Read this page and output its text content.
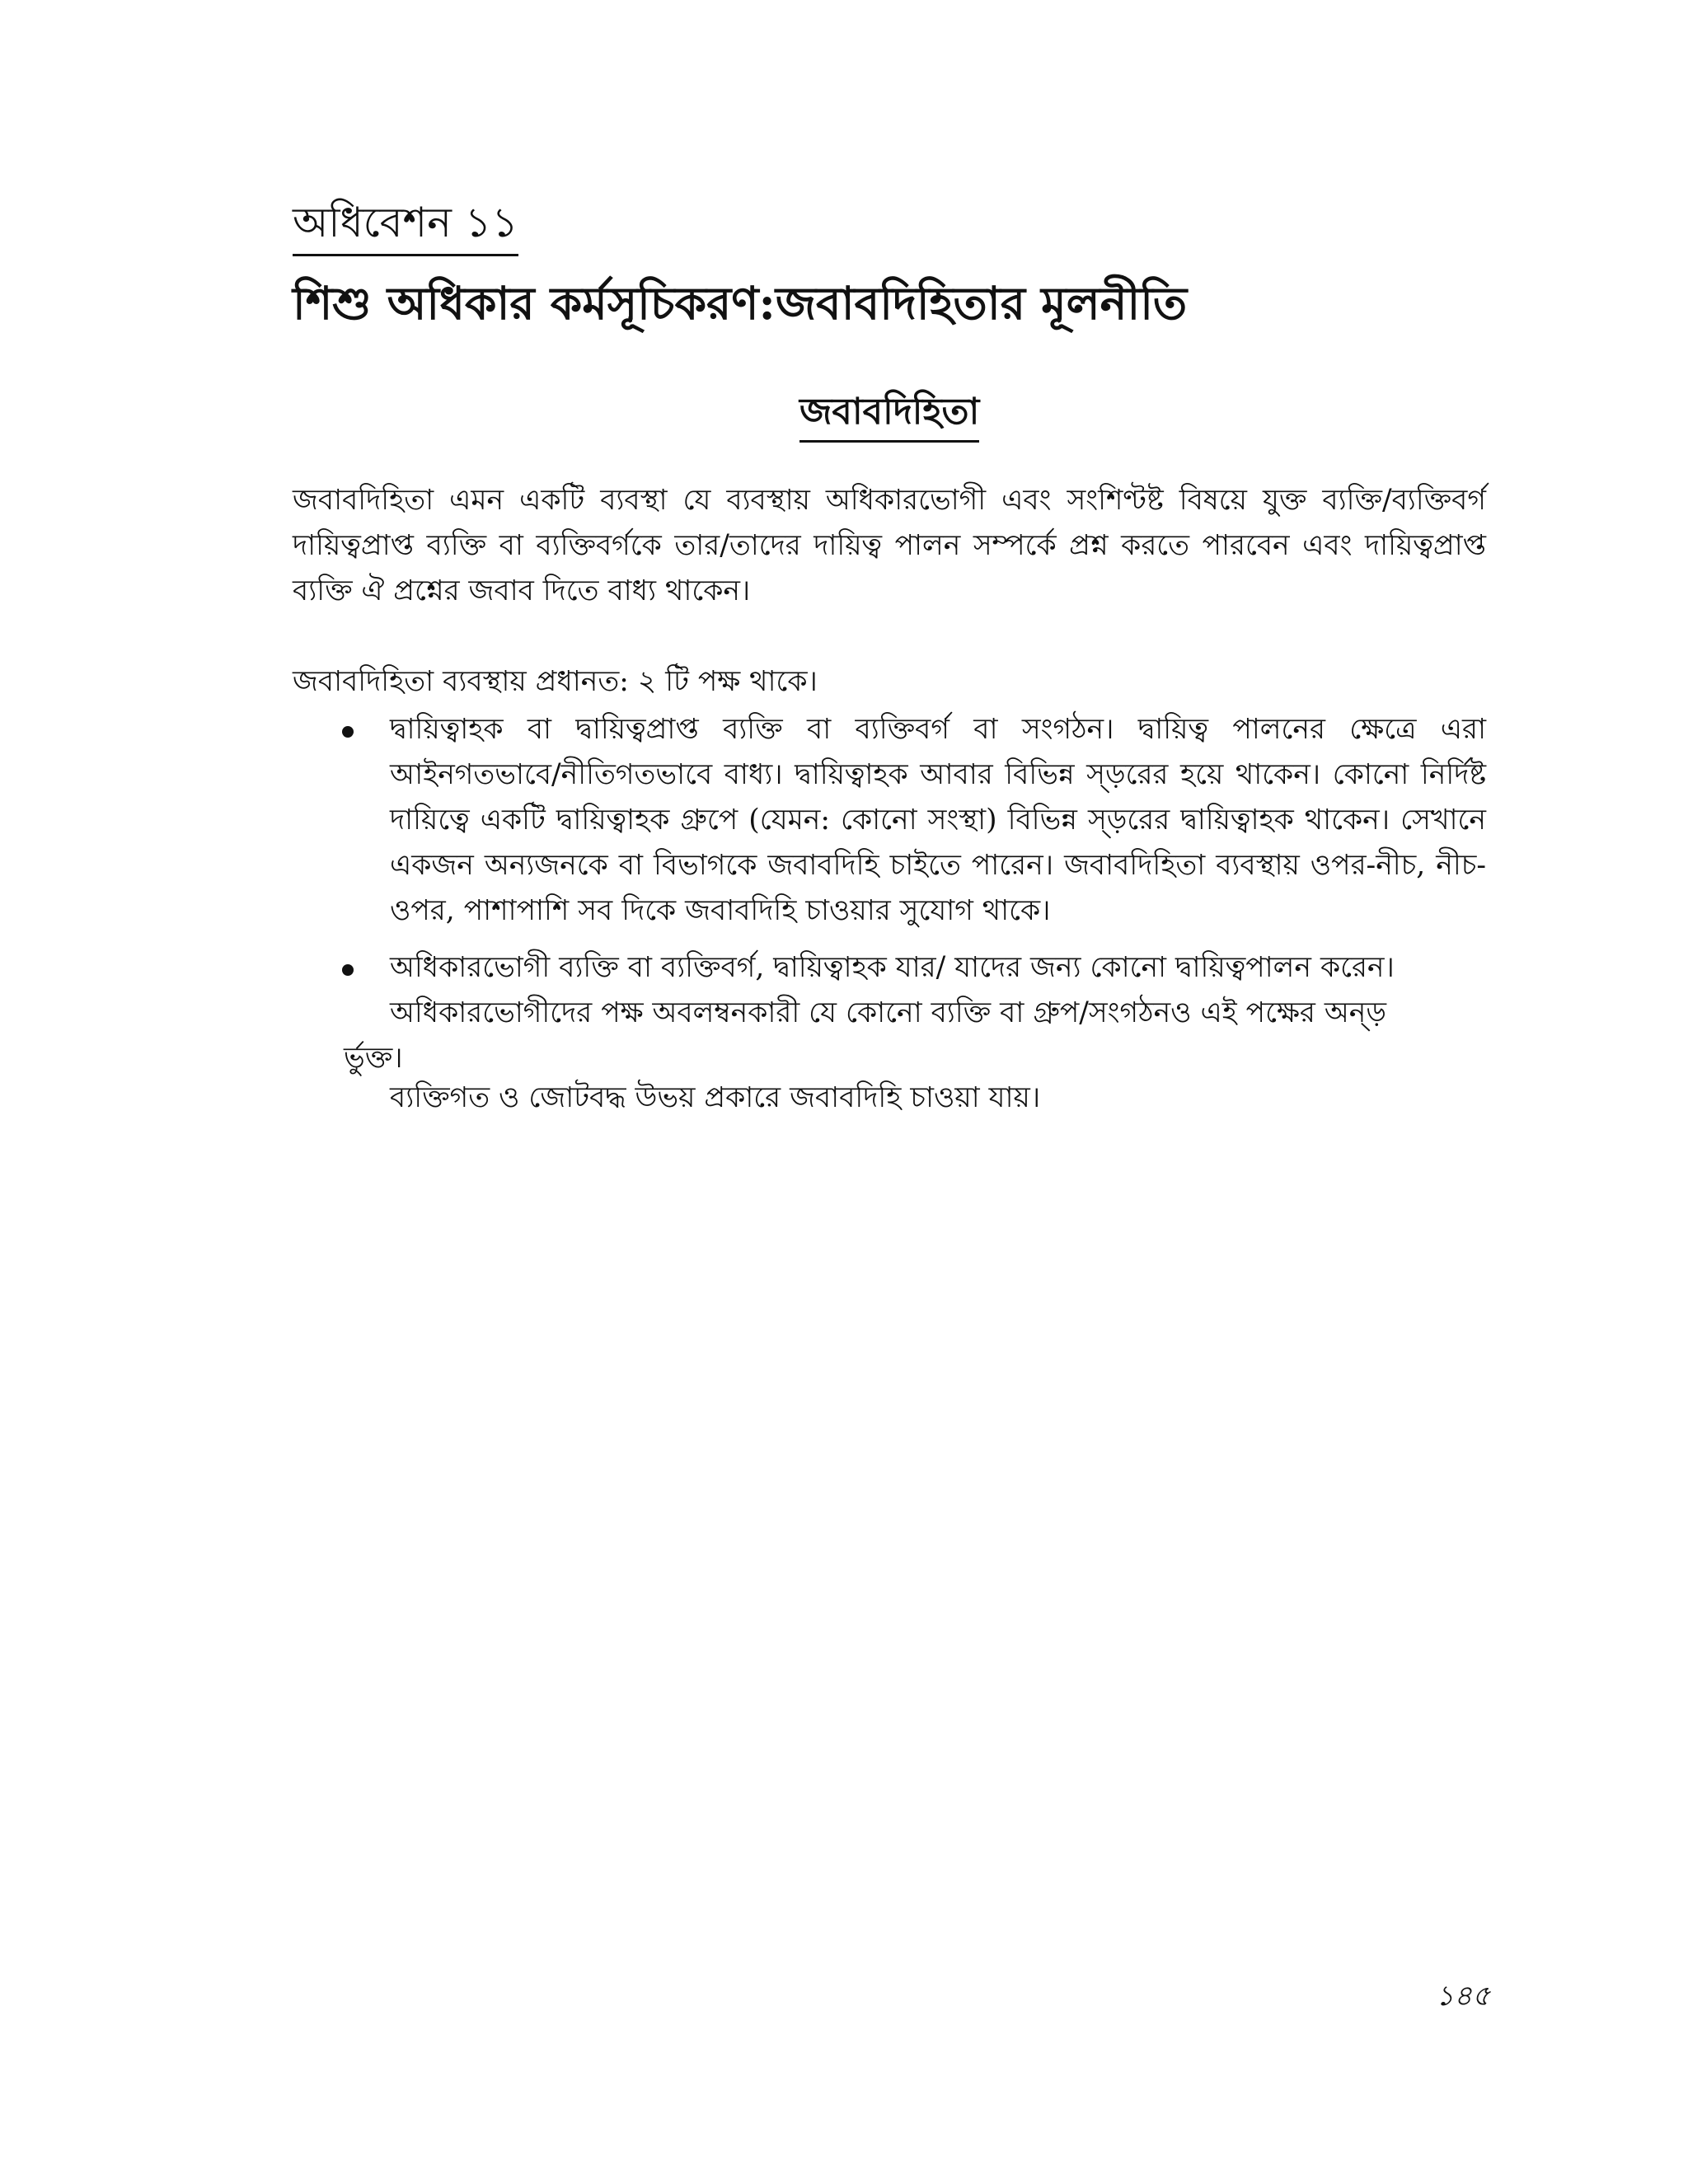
অধিবেশন ১১
শিশু অধিকার কর্মসূচিকরণ:জবাবদিহিতার মূলনীতি
জবাবদিহিতা

জবাবদিহিতা এমন একটি ব্যবস্থা যে ব্যবস্থায় অধিকারভোগী এবং সংশিণ্টষ্ট বিষয়ে যুক্ত ব্যক্তি/ব্যক্তিবর্গ দায়িত্বপ্রাপ্ত ব্যক্তি বা ব্যক্তিবর্গকে তার/তাদের দায়িত্ব পালন সম্পর্কে প্রশ্ন করতে পারবেন এবং দায়িত্বপ্রাপ্ত ব্যক্তি ঐ প্রশ্নের জবাব দিতে বাধ্য থাকেন।

জবাবদিহিতা ব্যবস্থায় প্রধানত: ২ টি পক্ষ থাকে।

দ্বায়িত্বাহক বা দ্বায়িত্বপ্রাপ্ত ব্যক্তি বা ব্যক্তিবর্গ বা সংগঠন। দ্বায়িত্ব পালনের ক্ষেত্রে এরা আইনগতভাবে/নীতিগতভাবে বাধ্য। দ্বায়িত্বাহক আবার বিভিন্ন স্ড়রের হয়ে থাকেন। কোনো নির্দিষ্ট দায়িত্বে একটি দ্বায়িত্বাহক গ্রুপে (যেমন: কোনো সংস্থা) বিভিন্ন স্ড়রের দ্বায়িত্বাহক থাকেন। সেখানে একজন অন্যজনকে বা বিভাগকে জবাবদিহি চাইতে পারেন। জবাবদিহিতা ব্যবস্থায় ওপর-নীচ, নীচ-ওপর, পাশাপাশি সব দিকে জবাবদিহি চাওয়ার সুযোগ থাকে।
অধিকারভোগী ব্যক্তি বা ব্যক্তিবর্গ, দ্বায়িত্বাহক যার/ যাদের জন্য কোনো দ্বায়িত্বপালন করেন।
অধিকারভোগীদের পক্ষ অবলম্বনকারী যে কোনো ব্যক্তি বা গ্রুপ/সংগঠনও এই পক্ষের অন্ড়
র্ভুক্ত।

ব্যক্তিগত ও জোটবদ্ধ উভয় প্রকারে জবাবদিহি চাওয়া যায়।

১৪৫
